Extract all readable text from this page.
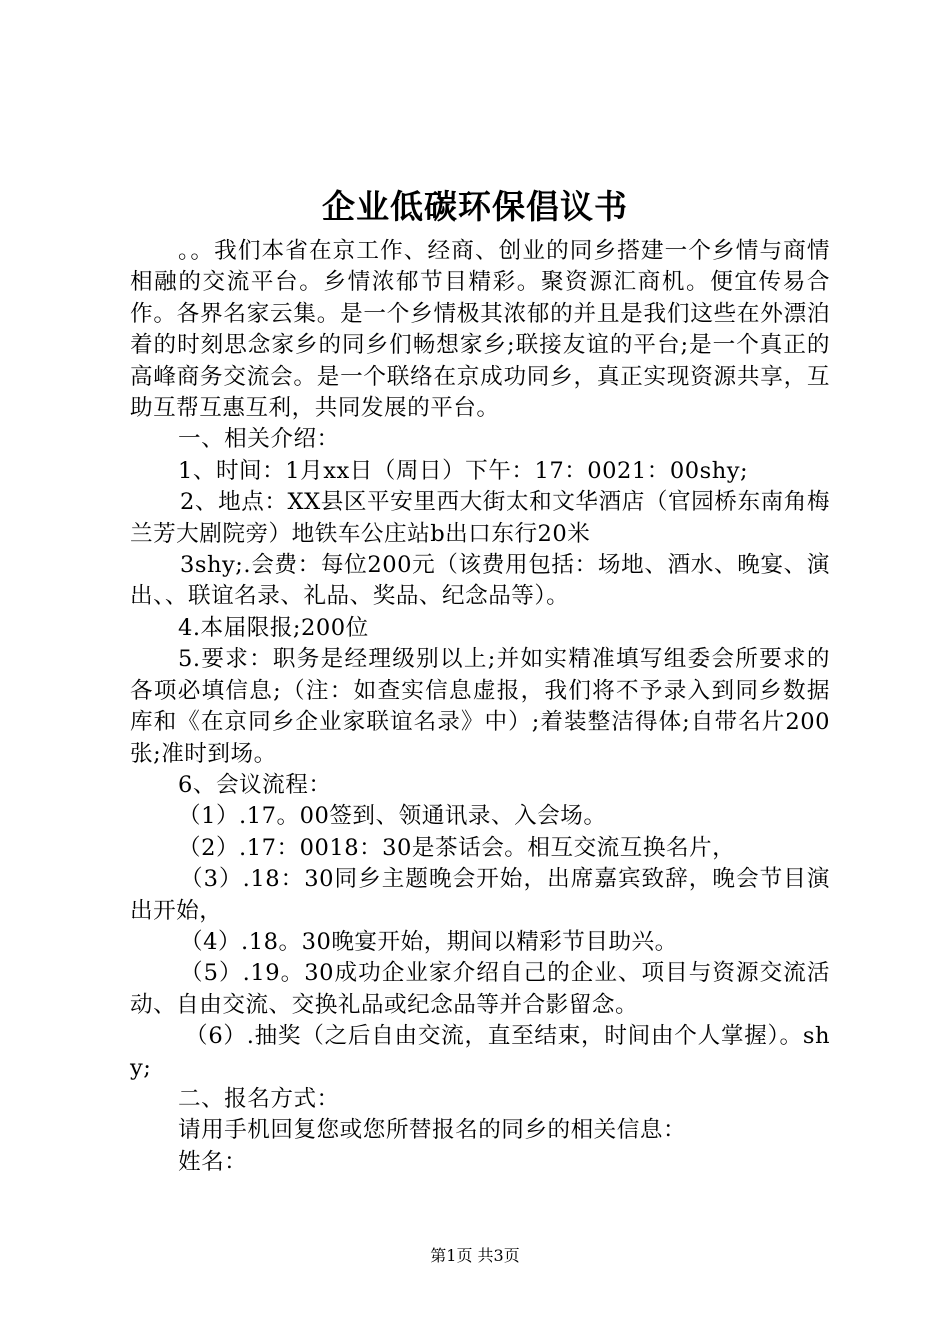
企业低碳环保倡议书

。。我们本省在京工作、经商、创业的同乡搭建一个乡情与商情相融的交流平台。乡情浓郁节目精彩。聚资源汇商机。便宜传易合作。各界名家云集。是一个乡情极其浓郁的并且是我们这些在外漂泊着的时刻思念家乡的同乡们畅想家乡;联接友谊的平台;是一个真正的高峰商务交流会。是一个联络在京成功同乡，真正实现资源共享，互助互帮互惠互利，共同发展的平台。

一、相关介绍：

1、时间：1月xx日（周日）下午：17：0021：00shy;

2、地点：XX县区平安里西大街太和文华酒店（官园桥东南角梅兰芳大剧院旁）地铁车公庄站b出口东行20米

3shy;.会费：每位200元（该费用包括：场地、酒水、晚宴、演出、、联谊名录、礼品、奖品、纪念品等）。

4.本届限报;200位

5.要求：职务是经理级别以上;并如实精准填写组委会所要求的各项必填信息;（注：如查实信息虚报，我们将不予录入到同乡数据库和《在京同乡企业家联谊名录》中）;着装整洁得体;自带名片200张;准时到场。

6、会议流程：

（1）.17。00签到、领通讯录、入会场。

（2）.17：0018：30是茶话会。相互交流互换名片，

（3）.18：30同乡主题晚会开始，出席嘉宾致辞，晚会节目演出开始，

（4）.18。30晚宴开始，期间以精彩节目助兴。

（5）.19。30成功企业家介绍自己的企业、项目与资源交流活动、自由交流、交换礼品或纪念品等并合影留念。

（6）.抽奖（之后自由交流，直至结束，时间由个人掌握）。shy;

二、报名方式：

请用手机回复您或您所替报名的同乡的相关信息：

姓名：

第1页 共3页
